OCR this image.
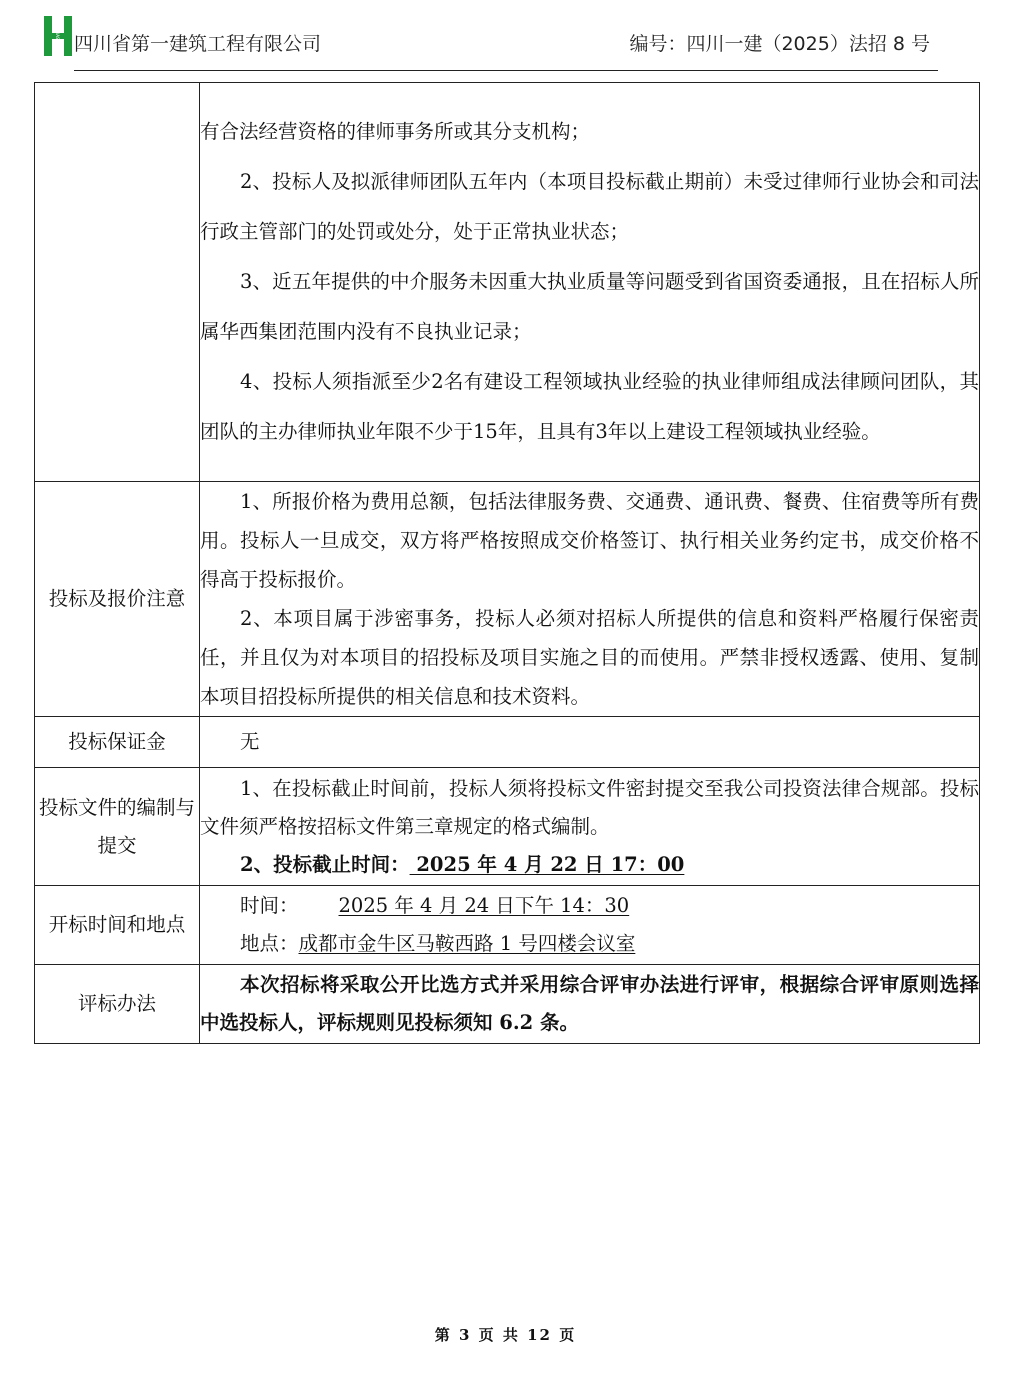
HUASHI 四川省第一建筑工程有限公司	编号：四川一建（2025）法招 8 号

	有合法经营资格的律师事务所或其分支机构；

2、投标人及拟派律师团队五年内（本项目投标截止期前）未受过律师行业协会和司法行政主管部门的处罚或处分，处于正常执业状态；

3、近五年提供的中介服务未因重大执业质量等问题受到省国资委通报，且在招标人所属华西集团范围内没有不良执业记录；

4、投标人须指派至少2名有建设工程领域执业经验的执业律师组成法律顾问团队，其团队的主办律师执业年限不少于15年，且具有3年以上建设工程领域执业经验。

投标及报价注意	1、所报价格为费用总额，包括法律服务费、交通费、通讯费、餐费、住宿费等所有费用。投标人一旦成交，双方将严格按照成交价格签订、执行相关业务约定书，成交价格不得高于投标报价。

2、本项目属于涉密事务，投标人必须对招标人所提供的信息和资料严格履行保密责任，并且仅为对本项目的招投标及项目实施之目的而使用。严禁非授权透露、使用、复制本项目招投标所提供的相关信息和技术资料。

投标保证金	无

投标文件的编制与提交	1、在投标截止时间前，投标人须将投标文件密封提交至我公司投资法律合规部。投标文件须严格按招标文件第三章规定的格式编制。

2、投标截止时间： 2025 年 4 月 22 日 17：00

开标时间和地点	时间： 2025 年 4 月 24 日下午 14：30

地点：成都市金牛区马鞍西路 1 号四楼会议室

评标办法	本次招标将采取公开比选方式并采用综合评审办法进行评审，根据综合评审原则选择中选投标人，评标规则见投标须知 6.2 条。

第 3 页 共 12 页
